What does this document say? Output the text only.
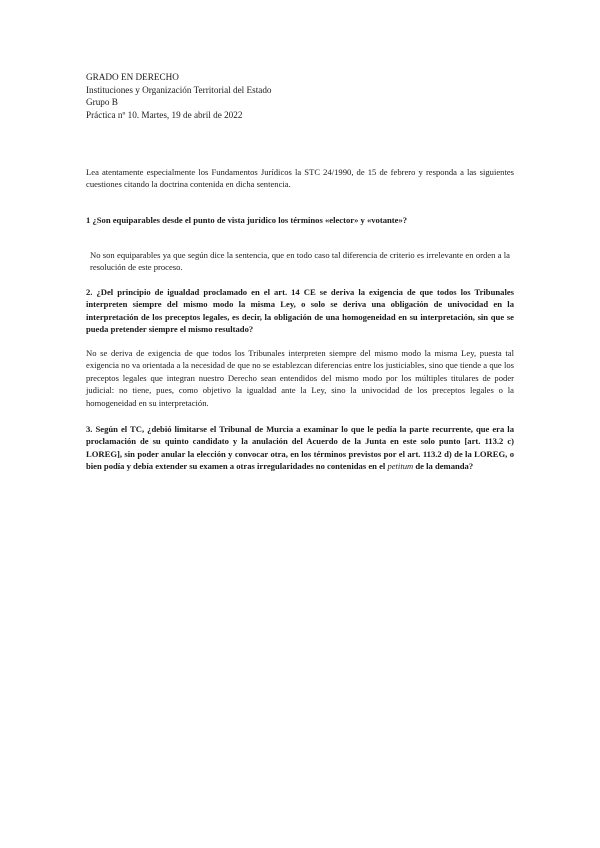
GRADO EN DERECHO
Instituciones y Organización Territorial del Estado
Grupo B
Práctica nº 10. Martes, 19 de abril de 2022
Lea atentamente especialmente los Fundamentos Jurídicos la STC 24/1990, de 15 de febrero y responda a las siguientes cuestiones citando la doctrina contenida en dicha sentencia.
1 ¿Son equiparables desde el punto de vista jurídico los términos «elector» y «votante»?
No son equiparables ya que según dice la sentencia, que en todo caso tal diferencia de criterio es irrelevante en orden a la resolución de este proceso.
2. ¿Del principio de igualdad proclamado en el art. 14 CE se deriva la exigencia de que todos los Tribunales interpreten siempre del mismo modo la misma Ley, o solo se deriva una obligación de univocidad en la interpretación de los preceptos legales, es decir, la obligación de una homogeneidad en su interpretación, sin que se pueda pretender siempre el mismo resultado?
No se deriva de exigencia de que todos los Tribunales interpreten siempre del mismo modo la misma Ley, puesta tal exigencia no va orientada a la necesidad de que no se establezcan diferencias entre los justiciables, sino que tiende a que los preceptos legales que integran nuestro Derecho sean entendidos del mismo modo por los múltiples titulares de poder judicial: no tiene, pues, como objetivo la igualdad ante la Ley, sino la univocidad de los preceptos legales o la homogeneidad en su interpretación.
3. Según el TC, ¿debió limitarse el Tribunal de Murcia a examinar lo que le pedía la parte recurrente, que era la proclamación de su quinto candidato y la anulación del Acuerdo de la Junta en este solo punto [art. 113.2 c) LOREG], sin poder anular la elección y convocar otra, en los términos previstos por el art. 113.2 d) de la LOREG, o bien podía y debía extender su examen a otras irregularidades no contenidas en el petitum de la demanda?
